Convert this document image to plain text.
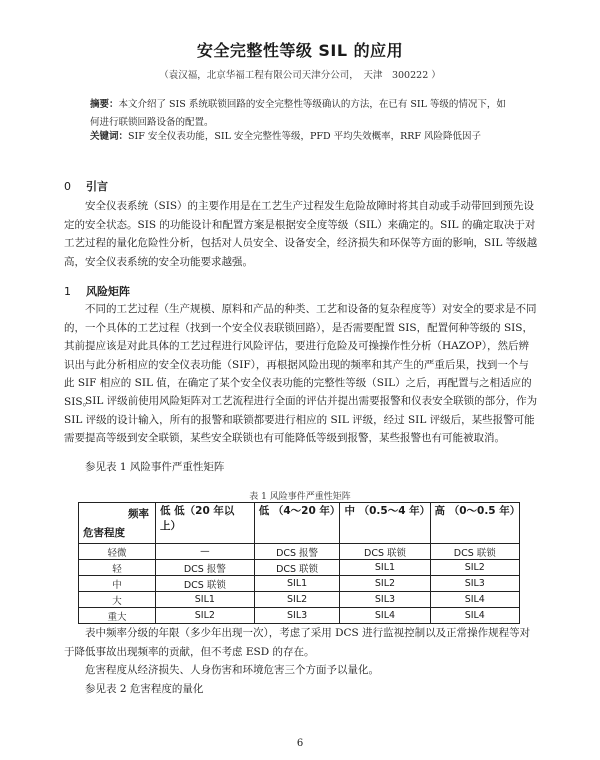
安全完整性等级 SIL 的应用
（袁汉福，北京华福工程有限公司天津分公司，　天津　300222 ）

摘要：本文介绍了 SIS 系统联锁回路的安全完整性等级确认的方法，在已有 SIL 等级的情况下，如何进行联锁回路设备的配置。

关键词：SIF 安全仪表功能，SIL 安全完整性等级，PFD 平均失效概率，RRF 风险降低因子

0 引言

安全仪表系统（SIS）的主要作用是在工艺生产过程发生危险故障时将其自动或手动带回到预先设定的安全状态。SIS 的功能设计和配置方案是根据安全度等级（SIL）来确定的。SIL 的确定取决于对工艺过程的量化危险性分析，包括对人员安全、设备安全，经济损失和环保等方面的影响，SIL 等级越高，安全仪表系统的安全功能要求越强。

1 风险矩阵

不同的工艺过程（生产规模、原料和产品的种类、工艺和设备的复杂程度等）对安全的要求是不同的，一个具体的工艺过程（找到一个安全仪表联锁回路），是否需要配置 SIS，配置何种等级的 SIS，其前提应该是对此具体的工艺过程进行风险评估，要进行危险及可操操作性分析（HAZOP），然后辨识出与此分析相应的安全仪表功能（SIF），再根据风险出现的频率和其产生的严重后果，找到一个与此 SIF 相应的 SIL 值，在确定了某个安全仪表功能的完整性等级（SIL）之后，再配置与之相适应的 SIS。

SIL 评级前使用风险矩阵对工艺流程进行全面的评估并提出需要报警和仪表安全联锁的部分，作为 SIL 评级的设计输入，所有的报警和联锁都要进行相应的 SIL 评级，经过 SIL 评级后，某些报警可能需要提高等级到安全联锁，某些安全联锁也有可能降低等级到报警，某些报警也有可能被取消。

参见表 1 风险事件严重性矩阵

表 1 风险事件严重性矩阵
频率
危害程度	低 低（20 年以上）	低 （4～20 年）	中 （0.5～4 年）	高 （0～0.5 年）
轻微	—	DCS 报警	DCS 联锁	DCS 联锁
轻	DCS 报警	DCS 联锁	SIL1	SIL2
中	DCS 联锁	SIL1	SIL2	SIL3
大	SIL1	SIL2	SIL3	SIL4
重大	SIL2	SIL3	SIL4	SIL4

表中频率分级的年限（多少年出现一次），考虑了采用 DCS 进行监视控制以及正常操作规程等对于降低事故出现频率的贡献，但不考虑 ESD 的存在。

危害程度从经济损失、人身伤害和环境危害三个方面予以量化。

参见表 2 危害程度的量化

6
